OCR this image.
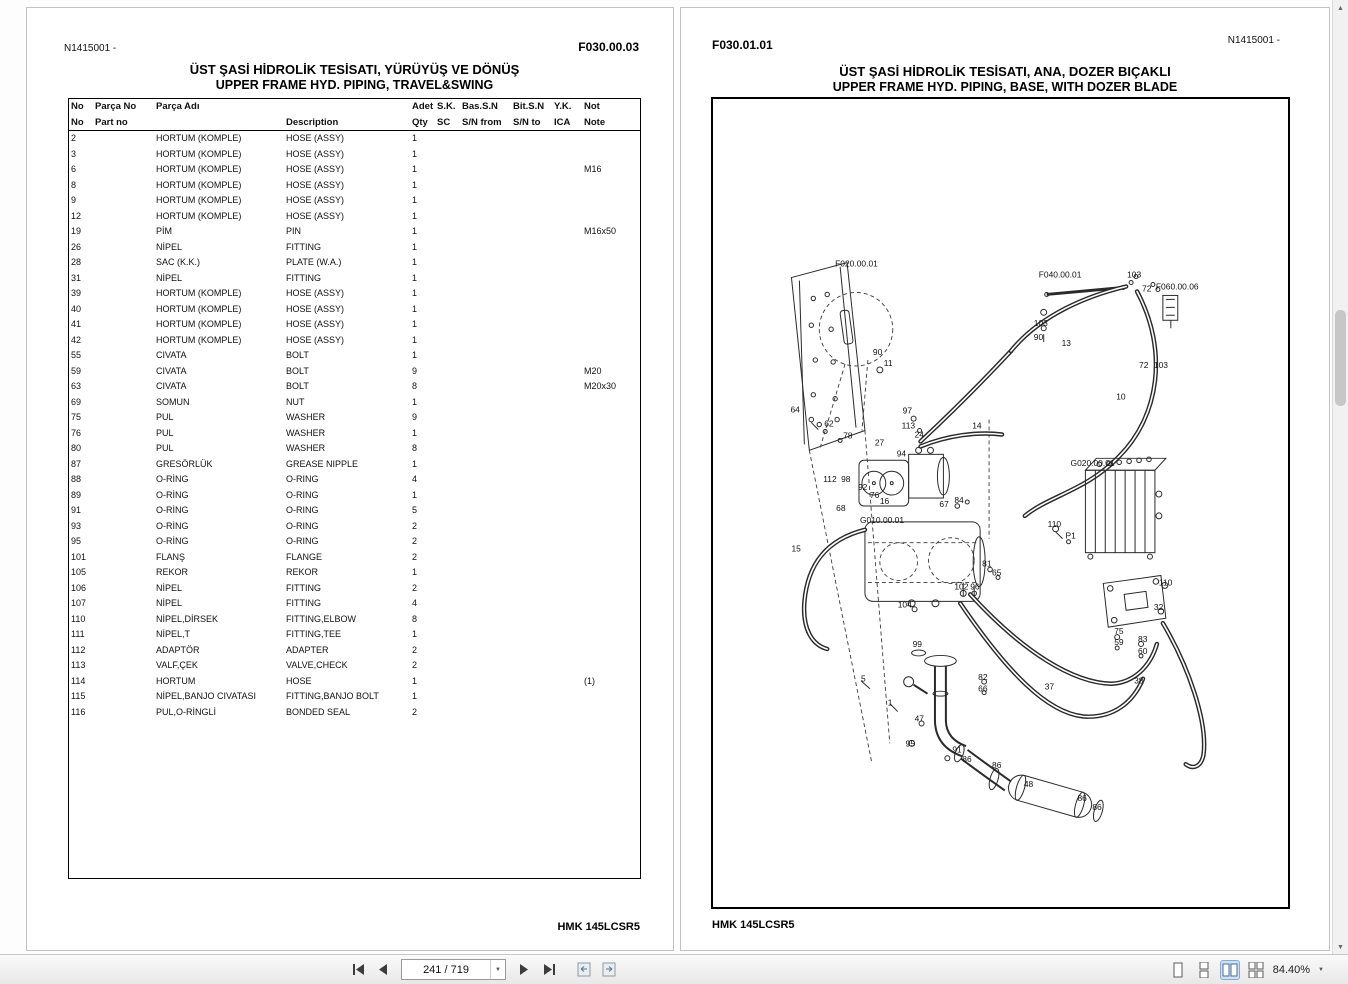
N1415001 -	F030.00.03
ÜST ŞASİ HİDROLİK TESİSATI, YÜRÜYÜŞ VE DÖNÜŞ
UPPER FRAME HYD. PIPING, TRAVEL&SWING
No	Parça No	Parça Adı		Adet	S.K.	Bas.S.N	Bit.S.N	Y.K.	Not
No	Part no		Description	Qty	SC	S/N from	S/N to	ICA	Note
2		HORTUM (KOMPLE)	HOSE (ASSY)	1					
3		HORTUM (KOMPLE)	HOSE (ASSY)	1					
6		HORTUM (KOMPLE)	HOSE (ASSY)	1					M16
8		HORTUM (KOMPLE)	HOSE (ASSY)	1					
9		HORTUM (KOMPLE)	HOSE (ASSY)	1					
12		HORTUM (KOMPLE)	HOSE (ASSY)	1					
19		PİM	PIN	1					M16x50
26		NİPEL	FITTING	1					
28		SAC (K.K.)	PLATE (W.A.)	1					
31		NİPEL	FITTING	1					
39		HORTUM (KOMPLE)	HOSE (ASSY)	1					
40		HORTUM (KOMPLE)	HOSE (ASSY)	1					
41		HORTUM (KOMPLE)	HOSE (ASSY)	1					
42		HORTUM (KOMPLE)	HOSE (ASSY)	1					
55		CIVATA	BOLT	1					
59		CIVATA	BOLT	9					M20
63		CIVATA	BOLT	8					M20x30
69		SOMUN	NUT	1					
75		PUL	WASHER	9					
76		PUL	WASHER	1					
80		PUL	WASHER	8					
87		GRESÖRLÜK	GREASE NIPPLE	1					
88		O-RİNG	O-RING	4					
89		O-RİNG	O-RING	1					
91		O-RİNG	O-RING	5					
93		O-RİNG	O-RING	2					
95		O-RİNG	O-RING	2					
101		FLANŞ	FLANGE	2					
105		REKOR	REKOR	1					
106		NİPEL	FITTING	2					
107		NİPEL	FITTING	4					
110		NİPEL,DİRSEK	FITTING,ELBOW	8					
111		NİPEL,T	FITTING,TEE	1					
112		ADAPTÖR	ADAPTER	2					
113		VALF,ÇEK	VALVE,CHECK	2					
114		HORTUM	HOSE	1					(1)
115		NİPEL,BANJO CIVATASI	FITTING,BANJO BOLT	1					
116		PUL,O-RİNGLİ	BONDED SEAL	2					
HMK 145LCSR5
F030.01.01	N1415001 -
ÜST ŞASİ HİDROLİK TESİSATI, ANA, DOZER BIÇAKLI
UPPER FRAME HYD. PIPING, BASE, WITH DOZER BLADE
F020.00.01
F040.00.01	103
72 F060.00.06
103
90
13
90
11	72 103
10
64	97
62	113	14
24
78
27
94
G020.00.01
112 98
92
76
16	84
67
68
G010.00.01	110
P1
15
81
65
102 96	110
104	32
75
83
59
99
60
82
5	38
37
66
1
47
95
91
86
86
48
86
86
HMK 145LCSR5
▲
▼
241 / 719
▼	84.40% ▼
